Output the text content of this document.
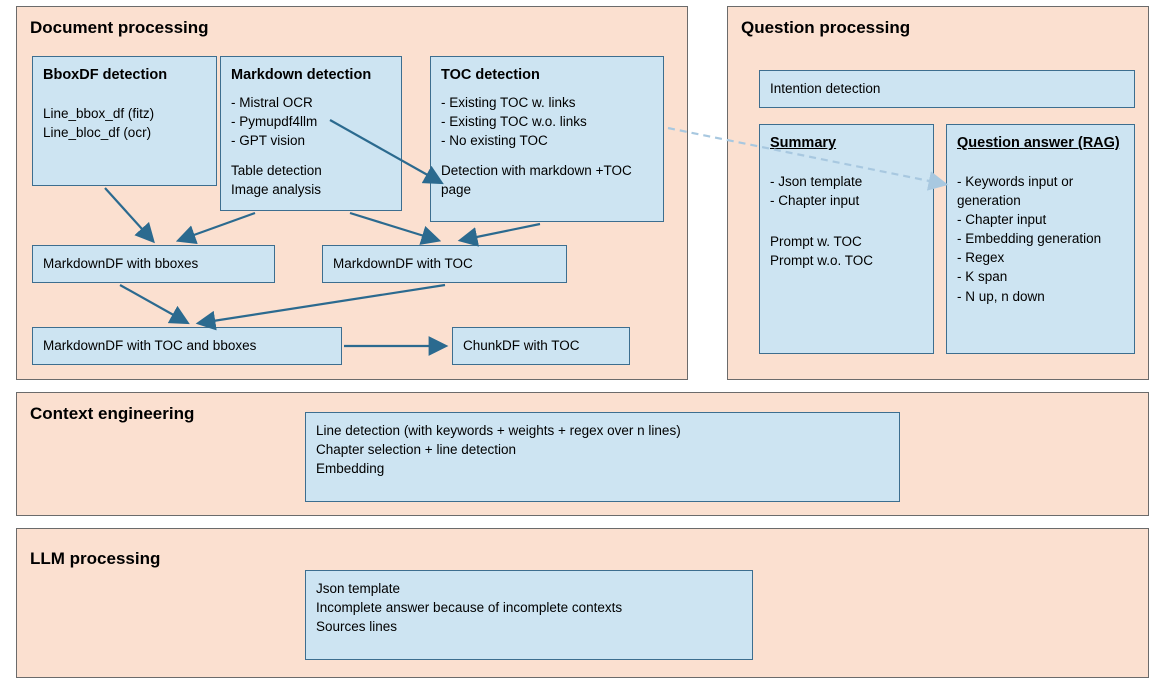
Document processing
BboxDF detection
Line_bbox_df (fitz)
Line_bloc_df (ocr)
Markdown detection
- Mistral OCR
- Pymupdf4llm
- GPT vision
Table detection
Image analysis
TOC detection
- Existing TOC w. links
- Existing TOC w.o. links
- No existing TOC
Detection with markdown +TOC
page
MarkdownDF with bboxes	MarkdownDF with TOC
MarkdownDF with TOC and bboxes	ChunkDF with TOC
Question processing
Intention detection
Summary
- Json template
- Chapter input
Prompt w. TOC
Prompt w.o. TOC
Question answer (RAG)
- Keywords input or
generation
- Chapter input
- Embedding generation
- Regex
- K span
- N up, n down
Context engineering
Line detection (with keywords + weights + regex over n lines)
Chapter selection + line detection
Embedding
LLM processing
Json template
Incomplete answer because of incomplete contexts
Sources lines
